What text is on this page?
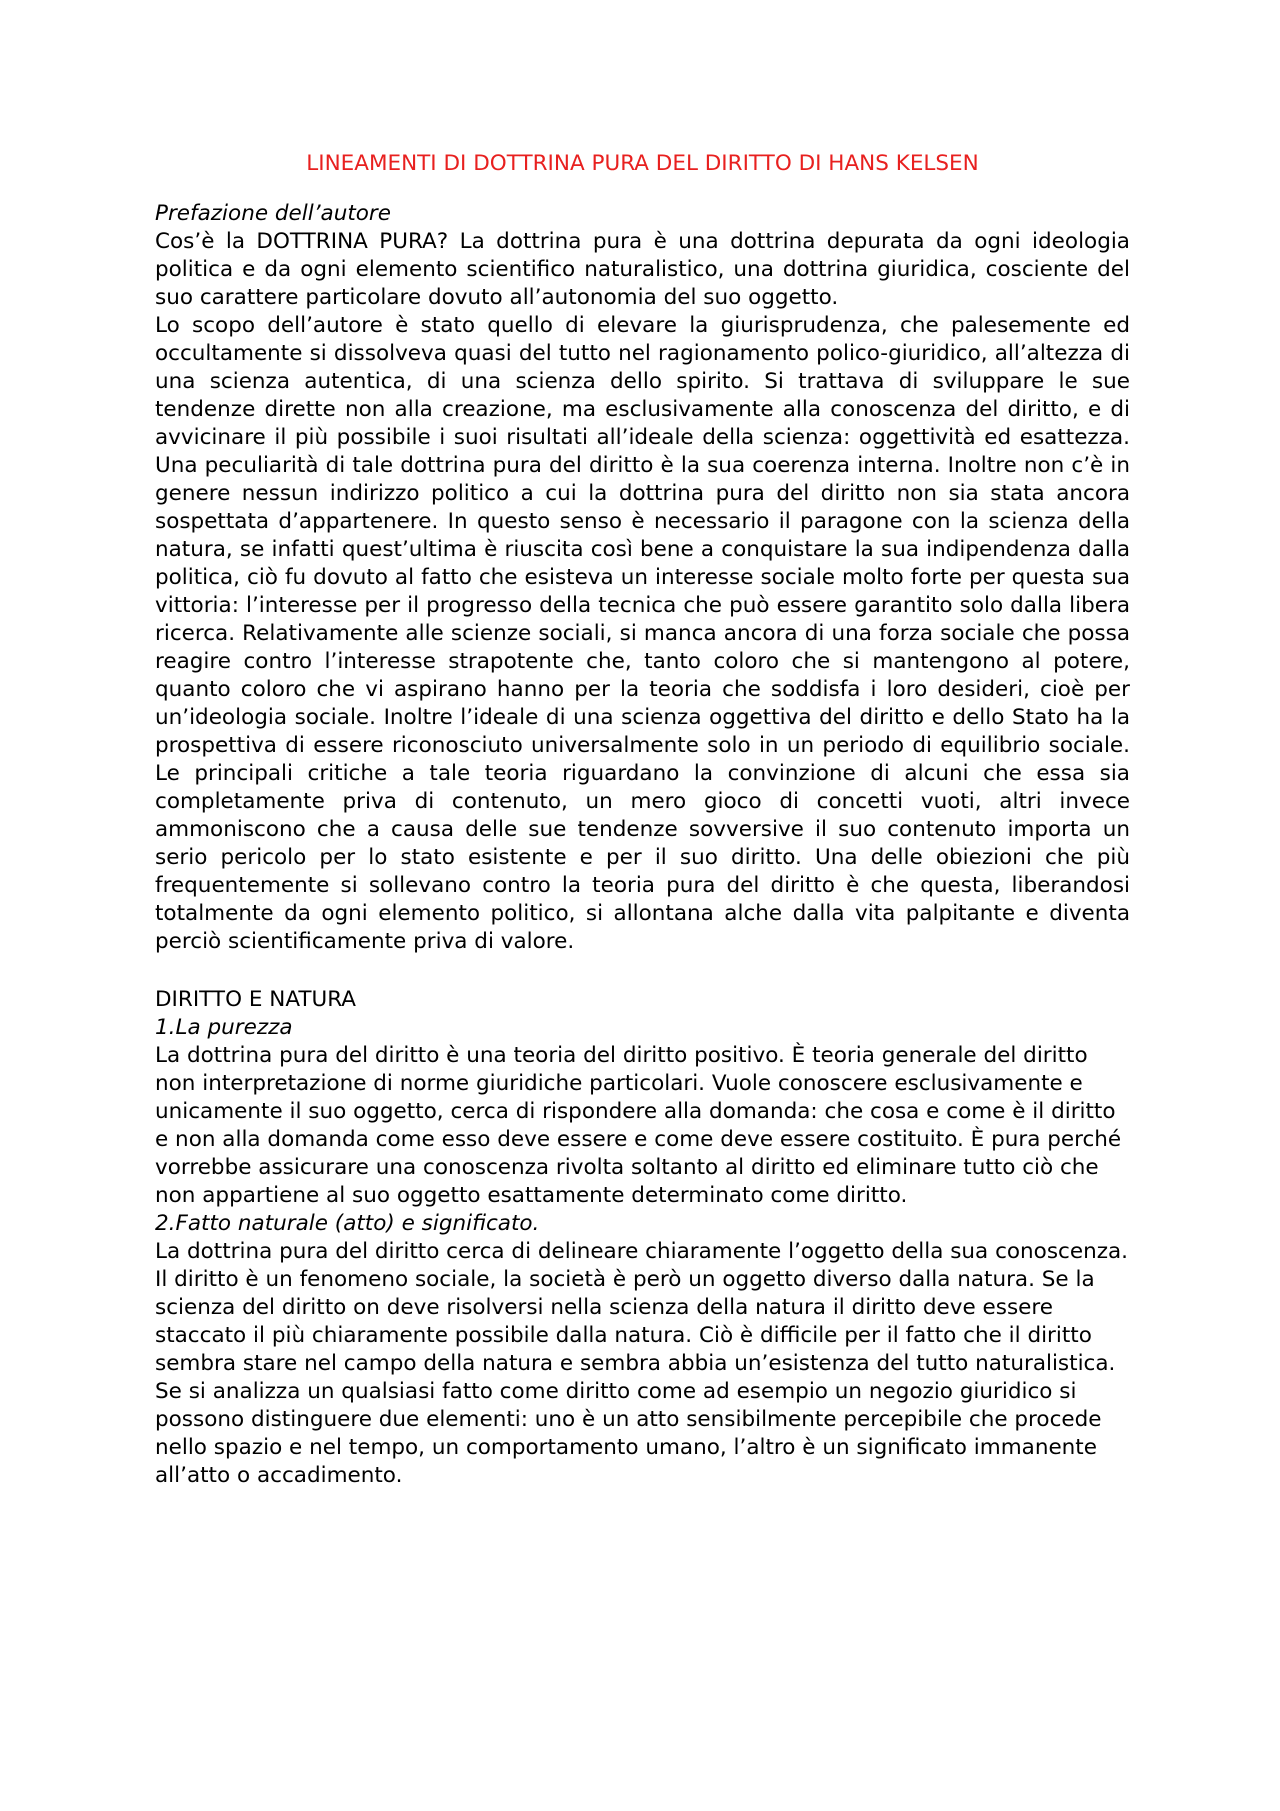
LINEAMENTI DI DOTTRINA PURA DEL DIRITTO DI HANS KELSEN

Prefazione dell’autore

Cos’è la DOTTRINA PURA? La dottrina pura è una dottrina depurata da ogni ideologia politica e da ogni elemento scientifico naturalistico, una dottrina giuridica, cosciente del suo carattere particolare dovuto all’autonomia del suo oggetto.

Lo scopo dell’autore è stato quello di elevare la giurisprudenza, che palesemente ed occultamente si dissolveva quasi del tutto nel ragionamento polico-giuridico, all’altezza di una scienza autentica, di una scienza dello spirito. Si trattava di sviluppare le sue tendenze dirette non alla creazione, ma esclusivamente alla conoscenza del diritto, e di avvicinare il più possibile i suoi risultati all’ideale della scienza: oggettività ed esattezza. Una peculiarità di tale dottrina pura del diritto è la sua coerenza interna. Inoltre non c’è in genere nessun indirizzo politico a cui la dottrina pura del diritto non sia stata ancora sospettata d’appartenere. In questo senso è necessario il paragone con la scienza della natura, se infatti quest’ultima è riuscita così bene a conquistare la sua indipendenza dalla politica, ciò fu dovuto al fatto che esisteva un interesse sociale molto forte per questa sua vittoria: l’interesse per il progresso della tecnica che può essere garantito solo dalla libera ricerca. Relativamente alle scienze sociali, si manca ancora di una forza sociale che possa reagire contro l’interesse strapotente che, tanto coloro che si mantengono al potere, quanto coloro che vi aspirano hanno per la teoria che soddisfa i loro desideri, cioè per un’ideologia sociale. Inoltre l’ideale di una scienza oggettiva del diritto e dello Stato ha la prospettiva di essere riconosciuto universalmente solo in un periodo di equilibrio sociale. Le principali critiche a tale teoria riguardano la convinzione di alcuni che essa sia completamente priva di contenuto, un mero gioco di concetti vuoti, altri invece ammoniscono che a causa delle sue tendenze sovversive il suo contenuto importa un serio pericolo per lo stato esistente e per il suo diritto. Una delle obiezioni che più frequentemente si sollevano contro la teoria pura del diritto è che questa, liberandosi totalmente da ogni elemento politico, si allontana alche dalla vita palpitante e diventa perciò scientificamente priva di valore.

DIRITTO E NATURA

1.La purezza

La dottrina pura del diritto è una teoria del diritto positivo. È teoria generale del diritto non interpretazione di norme giuridiche particolari. Vuole conoscere esclusivamente e unicamente il suo oggetto, cerca di rispondere alla domanda: che cosa e come è il diritto e non alla domanda come esso deve essere e come deve essere costituito. È pura perché vorrebbe assicurare una conoscenza rivolta soltanto al diritto ed eliminare tutto ciò che non appartiene al suo oggetto esattamente determinato come diritto.

2.Fatto naturale (atto) e significato.

La dottrina pura del diritto cerca di delineare chiaramente l’oggetto della sua conoscenza. Il diritto è un fenomeno sociale, la società è però un oggetto diverso dalla natura. Se la scienza del diritto on deve risolversi nella scienza della natura il diritto deve essere staccato il più chiaramente possibile dalla natura. Ciò è difficile per il fatto che il diritto sembra stare nel campo della natura e sembra abbia un’esistenza del tutto naturalistica. Se si analizza un qualsiasi fatto come diritto come ad esempio un negozio giuridico si possono distinguere due elementi: uno è un atto sensibilmente percepibile che procede nello spazio e nel tempo, un comportamento umano, l’altro è un significato immanente all’atto o accadimento.
